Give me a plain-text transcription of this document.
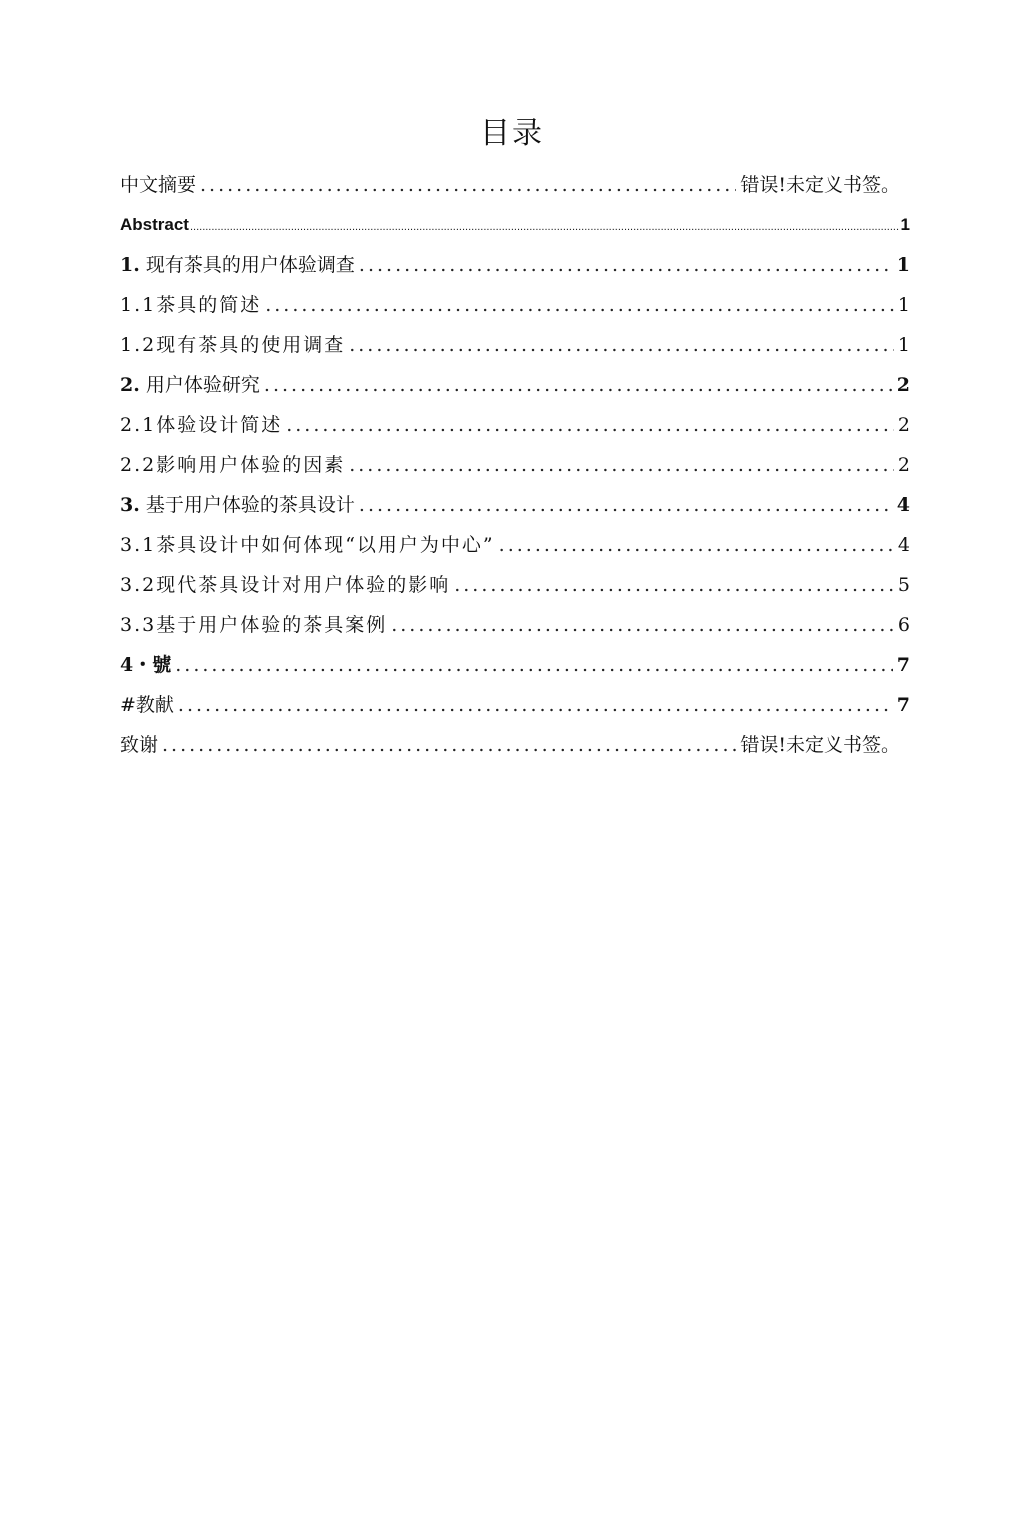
目录
中文摘要 .....	错误!未定义书签。
Abstract .....	1
1. 现有茶具的用户体验调查 .....	1
1.1茶具的简述 .....	1
1.2现有茶具的使用调查 .....	1
2. 用户体验研究 .....	2
2.1体验设计简述 .....	2
2.2影响用户体验的因素 .....	2
3. 基于用户体验的茶具设计 .....	4
3.1茶具设计中如何体现“以用户为中心” .....	4
3.2现代茶具设计对用户体验的影响 .....	5
3.3基于用户体验的茶具案例 .....	6
4・號 .....	7
#教献 .....	7
致谢 .....	错误!未定义书签。
